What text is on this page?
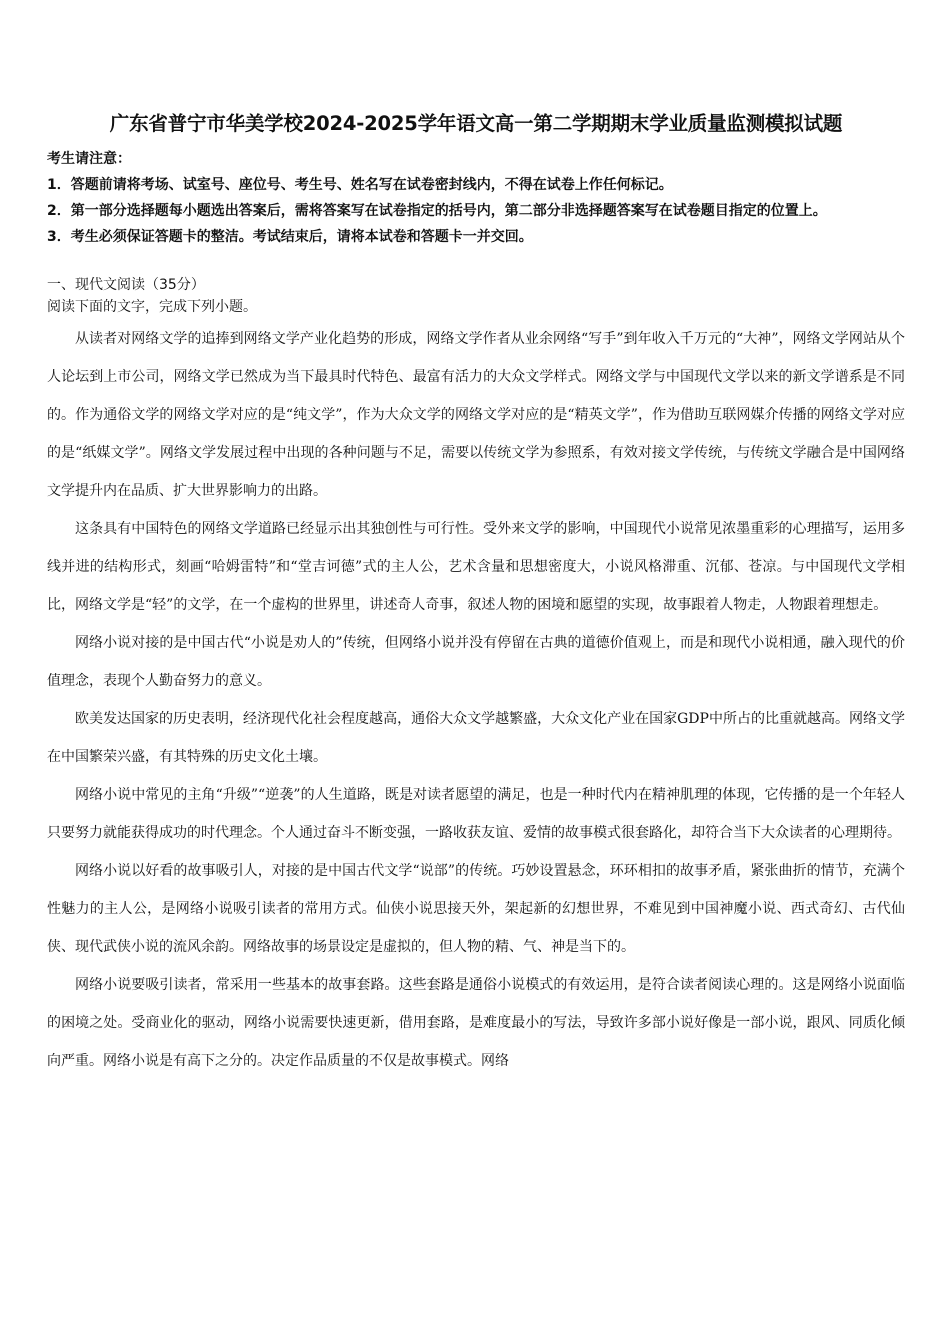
广东省普宁市华美学校2024-2025学年语文高一第二学期期末学业质量监测模拟试题

考生请注意：

1．答题前请将考场、试室号、座位号、考生号、姓名写在试卷密封线内，不得在试卷上作任何标记。

2．第一部分选择题每小题选出答案后，需将答案写在试卷指定的括号内，第二部分非选择题答案写在试卷题目指定的位置上。

3．考生必须保证答题卡的整洁。考试结束后，请将本试卷和答题卡一并交回。

一、现代文阅读（35分）

阅读下面的文字，完成下列小题。

从读者对网络文学的追捧到网络文学产业化趋势的形成，网络文学作者从业余网络“写手”到年收入千万元的“大神”，网络文学网站从个人论坛到上市公司，网络文学已然成为当下最具时代特色、最富有活力的大众文学样式。网络文学与中国现代文学以来的新文学谱系是不同的。作为通俗文学的网络文学对应的是“纯文学”，作为大众文学的网络文学对应的是“精英文学”，作为借助互联网媒介传播的网络文学对应的是“纸媒文学”。网络文学发展过程中出现的各种问题与不足，需要以传统文学为参照系，有效对接文学传统，与传统文学融合是中国网络文学提升内在品质、扩大世界影响力的出路。

这条具有中国特色的网络文学道路已经显示出其独创性与可行性。受外来文学的影响，中国现代小说常见浓墨重彩的心理描写，运用多线并进的结构形式，刻画“哈姆雷特”和“堂吉诃德”式的主人公，艺术含量和思想密度大，小说风格滞重、沉郁、苍凉。与中国现代文学相比，网络文学是“轻”的文学，在一个虚构的世界里，讲述奇人奇事，叙述人物的困境和愿望的实现，故事跟着人物走，人物跟着理想走。

网络小说对接的是中国古代“小说是劝人的”传统，但网络小说并没有停留在古典的道德价值观上，而是和现代小说相通，融入现代的价值理念，表现个人勤奋努力的意义。

欧美发达国家的历史表明，经济现代化社会程度越高，通俗大众文学越繁盛，大众文化产业在国家GDP中所占的比重就越高。网络文学在中国繁荣兴盛，有其特殊的历史文化土壤。

网络小说中常见的主角“升级”“逆袭”的人生道路，既是对读者愿望的满足，也是一种时代内在精神肌理的体现，它传播的是一个年轻人只要努力就能获得成功的时代理念。个人通过奋斗不断变强，一路收获友谊、爱情的故事模式很套路化，却符合当下大众读者的心理期待。

网络小说以好看的故事吸引人，对接的是中国古代文学“说部”的传统。巧妙设置悬念，环环相扣的故事矛盾，紧张曲折的情节，充满个性魅力的主人公，是网络小说吸引读者的常用方式。仙侠小说思接天外，架起新的幻想世界，不难见到中国神魔小说、西式奇幻、古代仙侠、现代武侠小说的流风余韵。网络故事的场景设定是虚拟的，但人物的精、气、神是当下的。

网络小说要吸引读者，常采用一些基本的故事套路。这些套路是通俗小说模式的有效运用，是符合读者阅读心理的。这是网络小说面临的困境之处。受商业化的驱动，网络小说需要快速更新，借用套路，是难度最小的写法，导致许多部小说好像是一部小说，跟风、同质化倾向严重。网络小说是有高下之分的。决定作品质量的不仅是故事模式。网络
